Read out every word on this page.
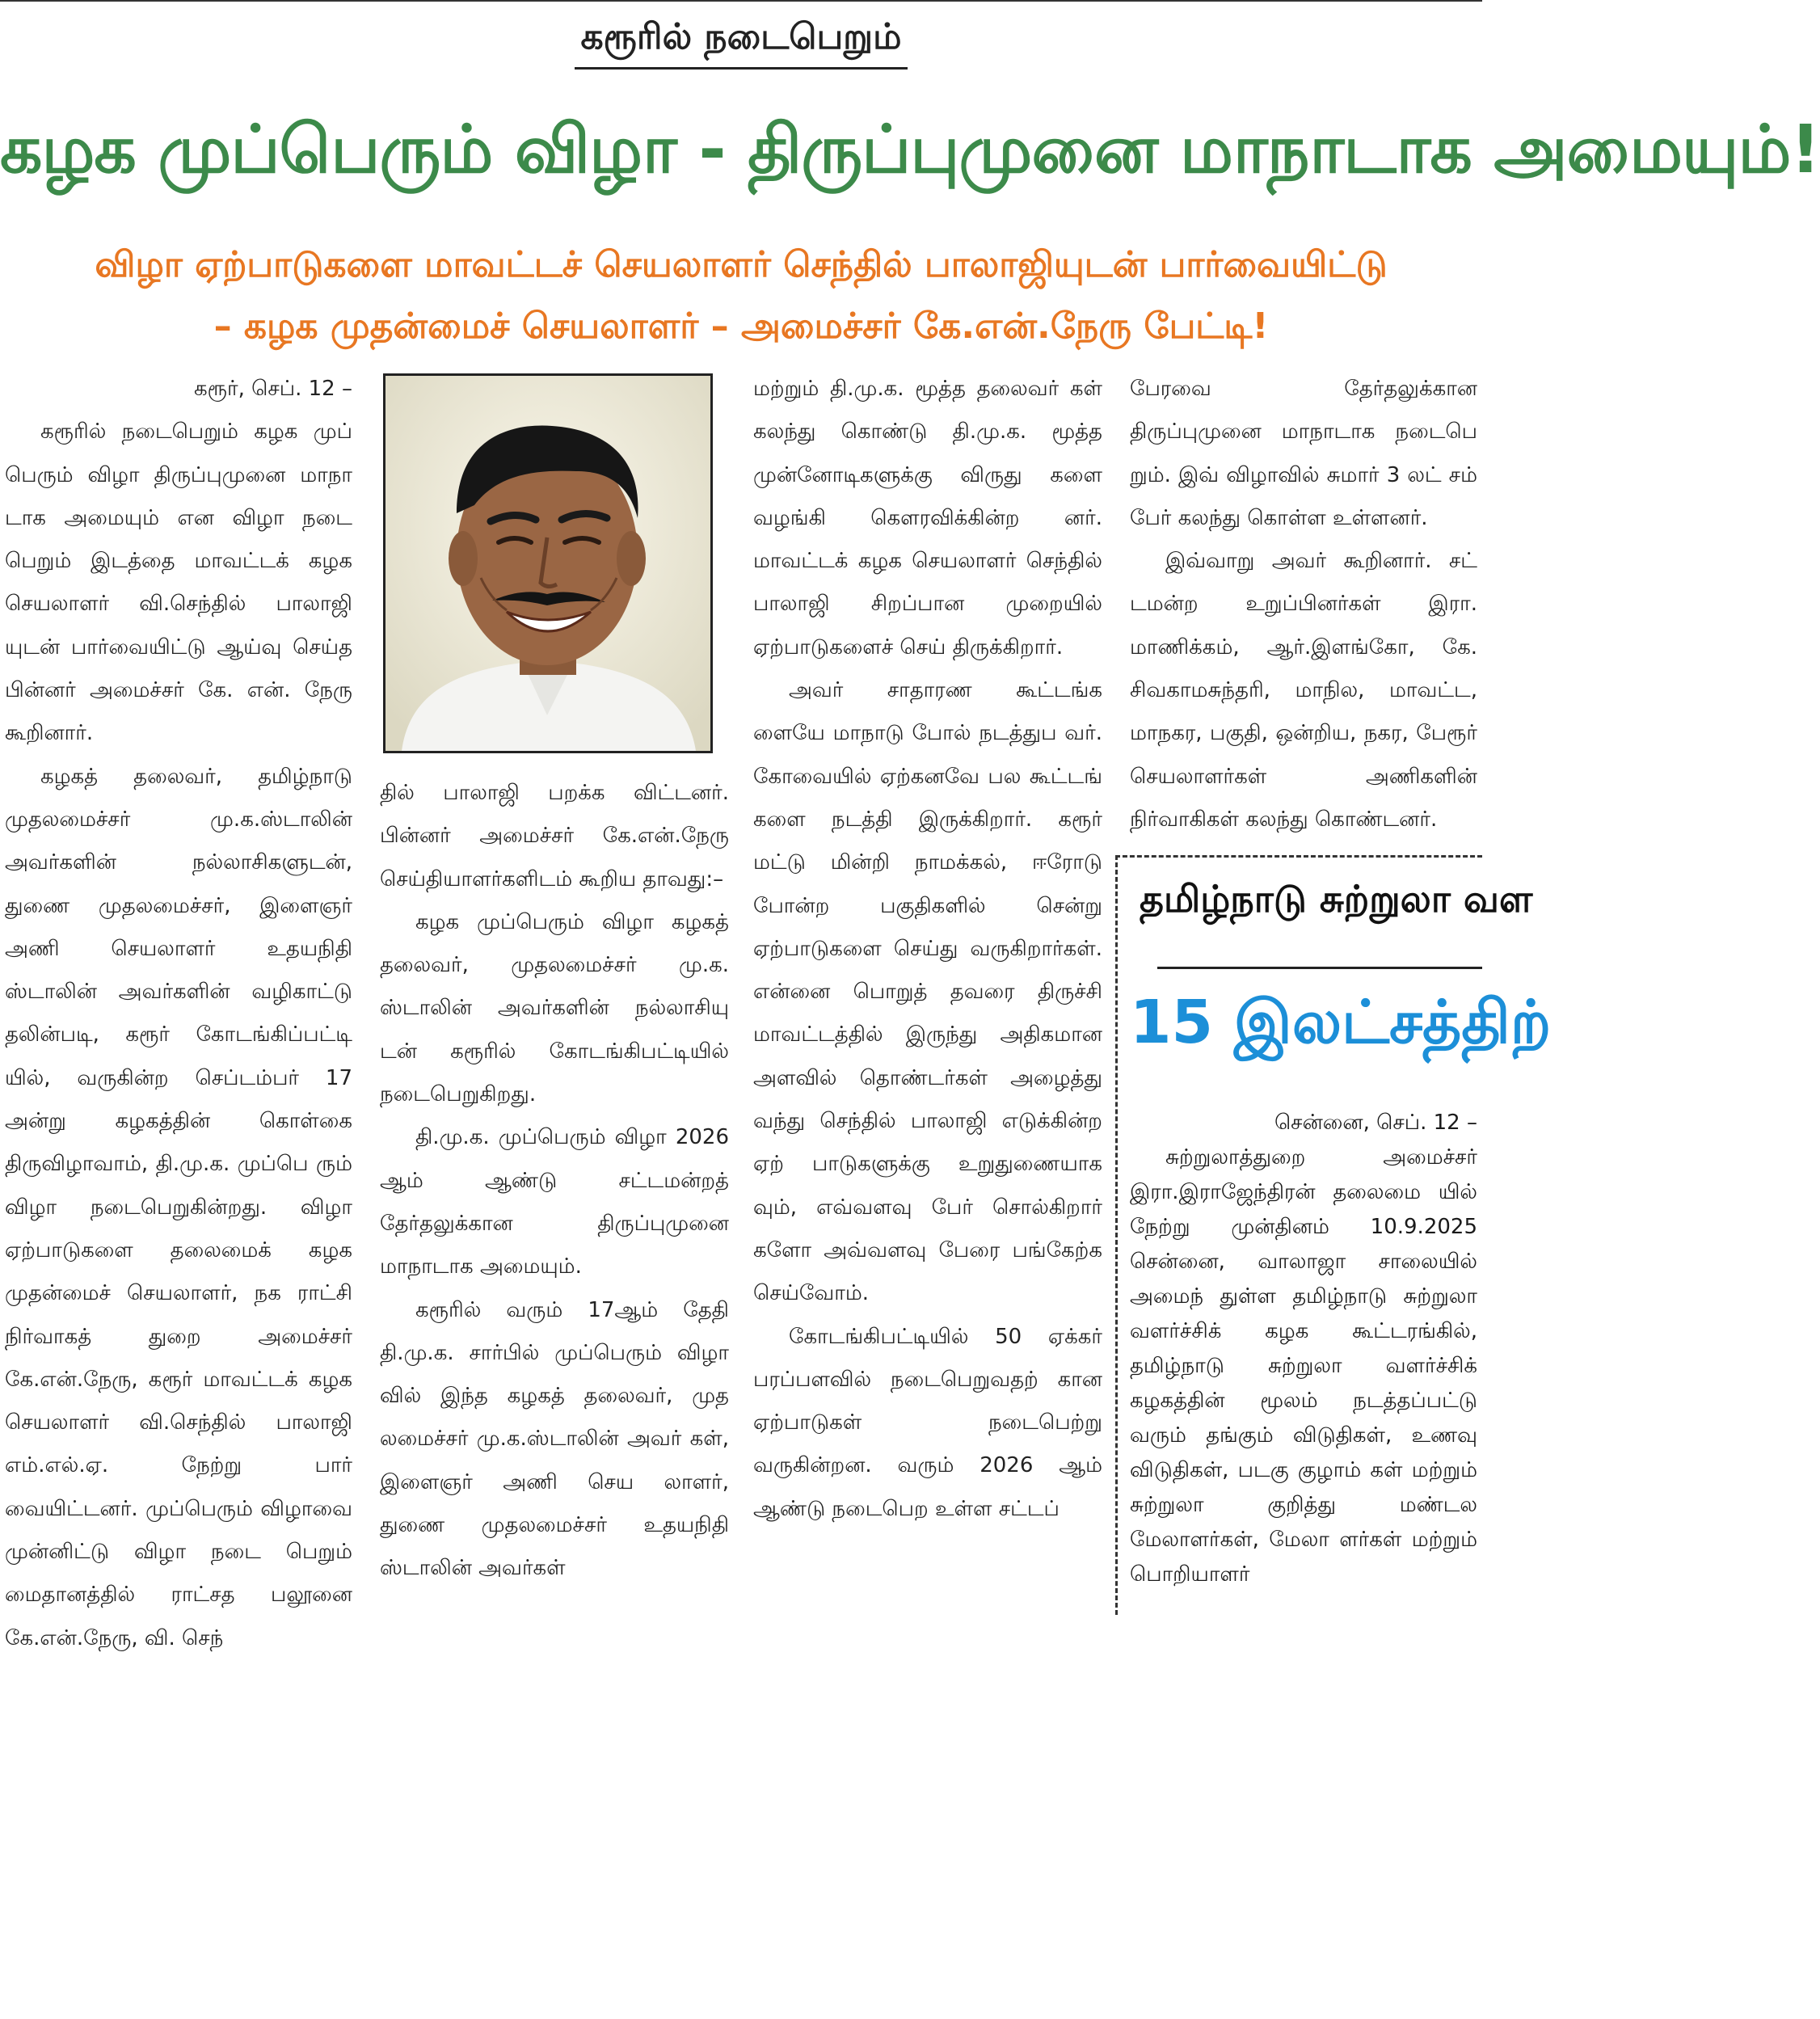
கரூரில் நடைபெறும்
கழக முப்பெரும் விழா - திருப்புமுனை மாநாடாக அமையும்!
விழா ஏற்பாடுகளை மாவட்டச் செயலாளர் செந்தில் பாலாஜியுடன் பார்வையிட்டு
– கழக முதன்மைச் செயலாளர் – அமைச்சர் கே.என்.நேரு பேட்டி!

கரூர், செப். 12 –

கரூரில் நடைபெறும் கழக முப் பெரும் விழா திருப்புமுனை மாநா டாக அமையும் என விழா நடை பெறும் இடத்தை மாவட்டக் கழக செயலாளர் வி.செந்தில் பாலாஜி யுடன் பார்வையிட்டு ஆய்வு செய்த பின்னர் அமைச்சர் கே. என். நேரு கூறினார்.

கழகத் தலைவர், தமிழ்நாடு முதலமைச்சர் மு.க.ஸ்டாலின் அவர்களின் நல்லாசிகளுடன், துணை முதலமைச்சர், இளைஞர் அணி செயலாளர் உதயநிதி ஸ்டாலின் அவர்களின் வழிகாட்டு தலின்படி, கரூர் கோடங்கிப்பட்டி யில், வருகின்ற செப்டம்பர் 17 அன்று கழகத்தின் கொள்கை திருவிழாவாம், தி.மு.க. முப்பெ ரும் விழா நடைபெறுகின்றது. விழா ஏற்பாடுகளை தலைமைக் கழக முதன்மைச் செயலாளர், நக ராட்சி நிர்வாகத் துறை அமைச்சர் கே.என்.நேரு, கரூர் மாவட்டக் கழக செயலாளர் வி.செந்தில் பாலாஜி எம்.எல்.ஏ. நேற்று பார் வையிட்டனர். முப்பெரும் விழாவை முன்னிட்டு விழா நடை பெறும் மைதானத்தில் ராட்சத பலூனை கே.என்.நேரு, வி. செந்

தில் பாலாஜி பறக்க விட்டனர். பின்னர் அமைச்சர் கே.என்.நேரு செய்தியாளர்களிடம் கூறிய தாவது:–

கழக முப்பெரும் விழா கழகத் தலைவர், முதலமைச்சர் மு.க. ஸ்டாலின் அவர்களின் நல்லாசியு டன் கரூரில் கோடங்கிபட்டியில் நடைபெறுகிறது.

தி.மு.க. முப்பெரும் விழா 2026 ஆம் ஆண்டு சட்டமன்றத் தேர்தலுக்கான திருப்புமுனை மாநாடாக அமையும்.

கரூரில் வரும் 17ஆம் தேதி தி.மு.க. சார்பில் முப்பெரும் விழா வில் இந்த கழகத் தலைவர், முத லமைச்சர் மு.க.ஸ்டாலின் அவர் கள், இளைஞர் அணி செய லாளர், துணை முதலமைச்சர் உதயநிதி ஸ்டாலின் அவர்கள்

மற்றும் தி.மு.க. மூத்த தலைவர் கள் கலந்து கொண்டு தி.மு.க. மூத்த முன்னோடிகளுக்கு விருது களை வழங்கி கௌரவிக்கின்ற னர். மாவட்டக் கழக செயலாளர் செந்தில் பாலாஜி சிறப்பான முறையில் ஏற்பாடுகளைச் செய் திருக்கிறார்.

அவர் சாதாரண கூட்டங்க ளையே மாநாடு போல் நடத்துப வர். கோவையில் ஏற்கனவே பல கூட்டங் களை நடத்தி இருக்கிறார். கரூர் மட்டு மின்றி நாமக்கல், ஈரோடு போன்ற பகுதிகளில் சென்று ஏற்பாடுகளை செய்து வருகிறார்கள். என்னை பொறுத் தவரை திருச்சி மாவட்டத்தில் இருந்து அதிகமான அளவில் தொண்டர்கள் அழைத்து வந்து செந்தில் பாலாஜி எடுக்கின்ற ஏற் பாடுகளுக்கு உறுதுணையாக வும், எவ்வளவு பேர் சொல்கிறார் களோ அவ்வளவு பேரை பங்கேற்க செய்வோம்.

கோடங்கிபட்டியில் 50 ஏக்கர் பரப்பளவில் நடைபெறுவதற் கான ஏற்பாடுகள் நடைபெற்று வருகின்றன. வரும் 2026 ஆம் ஆண்டு நடைபெற உள்ள சட்டப்

பேரவை தேர்தலுக்கான திருப்புமுனை மாநாடாக நடைபெ றும். இவ் விழாவில் சுமார் 3 லட் சம் பேர் கலந்து கொள்ள உள்ளனர்.

இவ்வாறு அவர் கூறினார். சட் டமன்ற உறுப்பினர்கள் இரா. மாணிக்கம், ஆர்.இளங்கோ, கே. சிவகாமசுந்தரி, மாநில, மாவட்ட, மாநகர, பகுதி, ஒன்றிய, நகர, பேரூர் செயலாளர்கள் அணிகளின் நிர்வாகிகள் கலந்து கொண்டனர்.

தமிழ்நாடு சுற்றுலா வள
15 இலட்சத்திற்

சென்னை, செப். 12 –

சுற்றுலாத்துறை அமைச்சர் இரா.இராஜேந்திரன் தலைமை யில் நேற்று முன்தினம் 10.9.2025 சென்னை, வாலாஜா சாலையில் அமைந் துள்ள தமிழ்நாடு சுற்றுலா வளர்ச்சிக் கழக கூட்டரங்கில், தமிழ்நாடு சுற்றுலா வளர்ச்சிக் கழகத்தின் மூலம் நடத்தப்பட்டு வரும் தங்கும் விடுதிகள், உணவு விடுதிகள், படகு குழாம் கள் மற்றும் சுற்றுலா குறித்து மண்டல மேலாளர்கள், மேலா ளர்கள் மற்றும் பொறியாளர்
